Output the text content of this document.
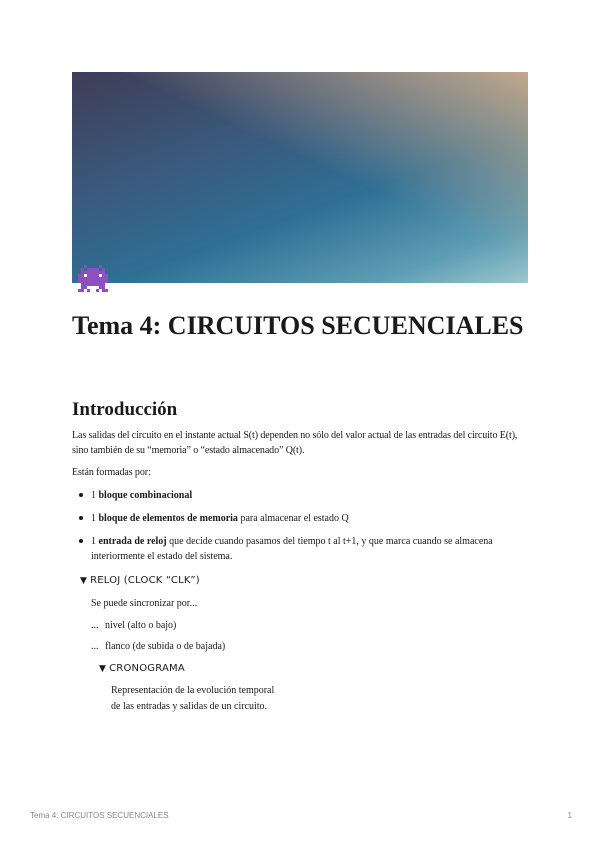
Tema 4: CIRCUITOS SECUENCIALES
Introducción

Las salidas del circuito en el instante actual S(t) dependen no sólo del valor actual de las entradas del circuito E(t), sino también de su “memoria” o “estado almacenado” Q(t).

Están formadas por:

1 bloque combinacional
1 bloque de elementos de memoria para almacenar el estado Q
1 entrada de reloj que decide cuando pasamos del tiempo t al t+1, y que marca cuando se almacena interiormente el estado del sistema.
▼ RELOJ (CLOCK “CLK”)

Se puede sincronizar por...

... nivel (alto o bajo)

... flanco (de subida o de bajada)

▼ CRONOGRAMA

Representación de la evolución temporal

de las entradas y salidas de un circuito.

Tema 4: CIRCUITOS SECUENCIALES	1
